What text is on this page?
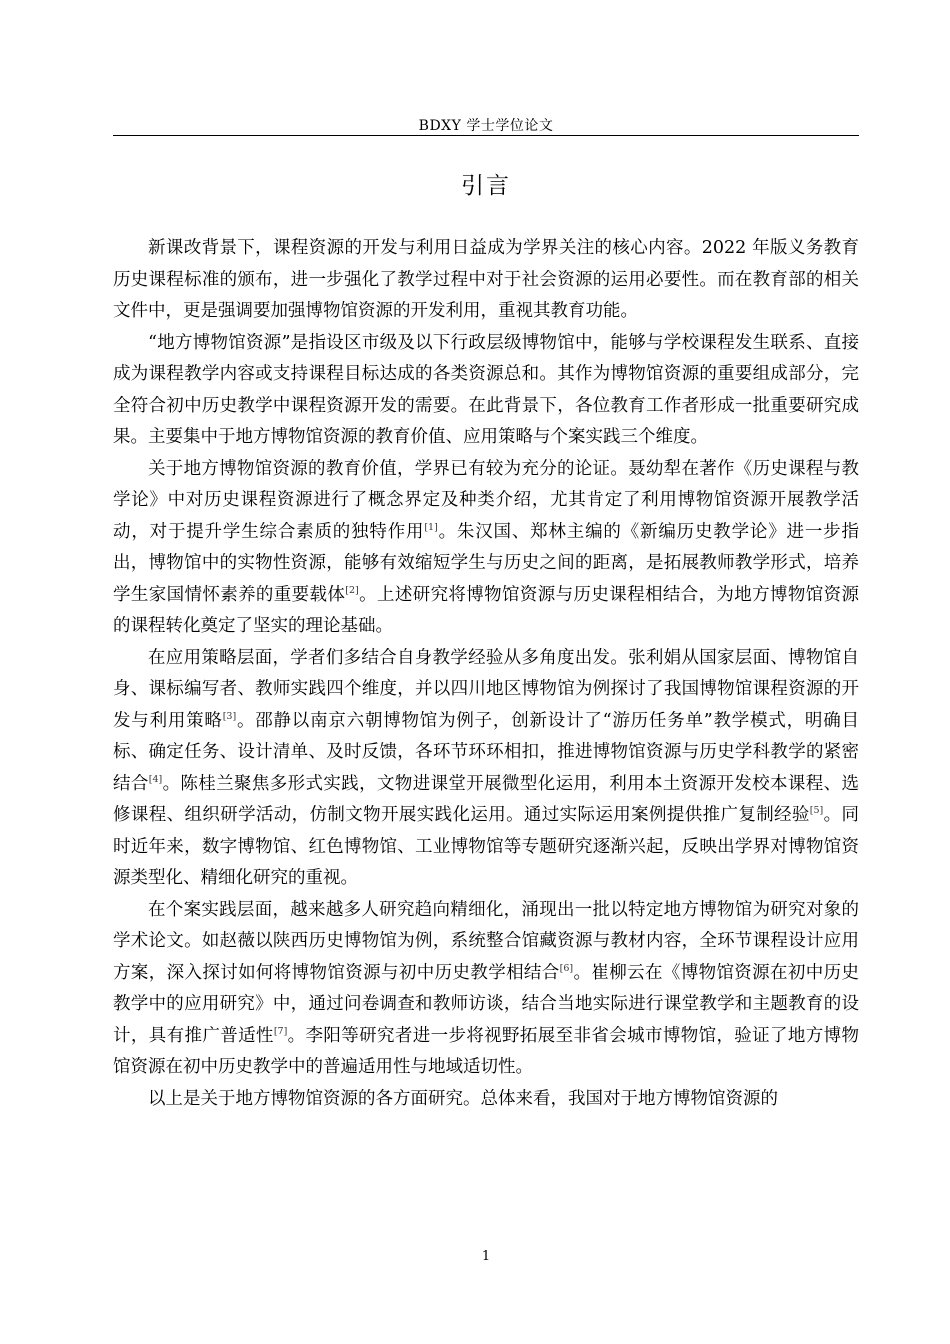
BDXY 学士学位论文
引言

新课改背景下，课程资源的开发与利用日益成为学界关注的核心内容。2022 年版义务教育历史课程标准的颁布，进一步强化了教学过程中对于社会资源的运用必要性。而在教育部的相关文件中，更是强调要加强博物馆资源的开发利用，重视其教育功能。

“地方博物馆资源”是指设区市级及以下行政层级博物馆中，能够与学校课程发生联系、直接成为课程教学内容或支持课程目标达成的各类资源总和。其作为博物馆资源的重要组成部分，完全符合初中历史教学中课程资源开发的需要。在此背景下，各位教育工作者形成一批重要研究成果。主要集中于地方博物馆资源的教育价值、应用策略与个案实践三个维度。

关于地方博物馆资源的教育价值，学界已有较为充分的论证。聂幼犁在著作《历史课程与教学论》中对历史课程资源进行了概念界定及种类介绍，尤其肯定了利用博物馆资源开展教学活动，对于提升学生综合素质的独特作用[1]。朱汉国、郑林主编的《新编历史教学论》进一步指出，博物馆中的实物性资源，能够有效缩短学生与历史之间的距离，是拓展教师教学形式，培养学生家国情怀素养的重要载体[2]。上述研究将博物馆资源与历史课程相结合，为地方博物馆资源的课程转化奠定了坚实的理论基础。

在应用策略层面，学者们多结合自身教学经验从多角度出发。张利娟从国家层面、博物馆自身、课标编写者、教师实践四个维度，并以四川地区博物馆为例探讨了我国博物馆课程资源的开发与利用策略[3]。邵静以南京六朝博物馆为例子，创新设计了“游历任务单”教学模式，明确目标、确定任务、设计清单、及时反馈，各环节环环相扣，推进博物馆资源与历史学科教学的紧密结合[4]。陈桂兰聚焦多形式实践，文物进课堂开展微型化运用，利用本土资源开发校本课程、选修课程、组织研学活动，仿制文物开展实践化运用。通过实际运用案例提供推广复制经验[5]。同时近年来，数字博物馆、红色博物馆、工业博物馆等专题研究逐渐兴起，反映出学界对博物馆资源类型化、精细化研究的重视。

在个案实践层面，越来越多人研究趋向精细化，涌现出一批以特定地方博物馆为研究对象的学术论文。如赵薇以陕西历史博物馆为例，系统整合馆藏资源与教材内容，全环节课程设计应用方案，深入探讨如何将博物馆资源与初中历史教学相结合[6]。崔柳云在《博物馆资源在初中历史教学中的应用研究》中，通过问卷调查和教师访谈，结合当地实际进行课堂教学和主题教育的设计，具有推广普适性[7]。李阳等研究者进一步将视野拓展至非省会城市博物馆，验证了地方博物馆资源在初中历史教学中的普遍适用性与地域适切性。

以上是关于地方博物馆资源的各方面研究。总体来看，我国对于地方博物馆资源的

1
